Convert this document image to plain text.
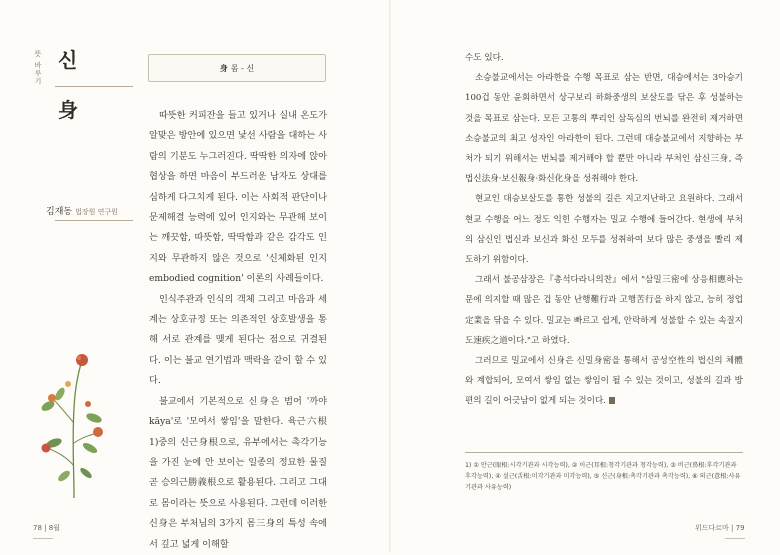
뜻 바루기 신
身
김재동 법장원 연구원
身 몸 - 신

따뜻한 커피잔을 들고 있거나 실내 온도가 알맞은 방안에 있으면 낯선 사람을 대하는 사람의 기분도 누그러진다. 딱딱한 의자에 앉아 협상을 하면 마음이 부드러운 남자도 상대를 심하게 다그치게 된다. 이는 사회적 판단이나 문제해결 능력에 있어 인지와는 무관해 보이는 깨끗함, 따뜻함, 딱딱함과 같은 감각도 인지와 무관하지 않은 것으로 '신체화된 인지embodied cognition' 이론의 사례들이다.

인식주관과 인식의 객체 그리고 마음과 세계는 상호규정 또는 의존적인 상호발생을 통해 서로 관계를 맺게 된다는 점으로 귀결된다. 이는 불교 연기법과 맥락을 같이 할 수 있다.

불교에서 기본적으로 신身은 범어 '까야kāya'로 '모여서 쌓임'을 말한다. 육근六根1)중의 신근身根으로, 유부에서는 촉각기능을 가진 눈에 안 보이는 일종의 정묘한 물질 곧 승의근勝義根으로 활용된다. 그리고 그대로 몸이라는 뜻으로 사용된다. 그런데 이러한 신身은 부처님의 3가지 몸三身의 특성 속에서 깊고 넓게 이해할

78 | 8월

수도 있다.

소승불교에서는 아라한을 수행 목표로 삼는 반면, 대승에서는 3아승기 100겁 동안 윤회하면서 상구보리 하화중생의 보살도를 닦은 후 성불하는 것을 목표로 삼는다. 모든 고통의 뿌리인 삼독심의 번뇌를 완전히 제거하면 소승불교의 최고 성자인 아라한이 된다. 그런데 대승불교에서 지향하는 부처가 되기 위해서는 번뇌를 제거해야 할 뿐만 아니라 부처인 삼신三身, 즉 법신法身·보신報身·화신化身을 성취해야 한다.

현교인 대승보살도를 통한 성불의 길은 지고지난하고 요원하다. 그래서 현교 수행을 어느 정도 익힌 수행자는 밀교 수행에 들어간다. 현생에 부처의 삼신인 법신과 보신과 화신 모두를 성취하여 보다 많은 중생을 빨리 제도하기 위함이다.

그래서 불공삼장은『총석다라니의찬』에서 "삼밀三密에 상응相應하는 문에 의지할 때 많은 겁 동안 난행難行과 고행苦行을 하지 않고, 능히 정업定業을 닦을 수 있다. 밀교는 빠르고 쉽게, 안락하게 성불할 수 있는 속질지도速疾之道이다."고 하였다.

그러므로 밀교에서 신身은 신밀身密을 통해서 공성空性의 법신의 체體와 계합되어, 모여서 쌓임 없는 쌓임이 될 수 있는 것이고, 성불의 길과 방편의 길이 어긋남이 없게 되는 것이다.

1) ① 안근(眼根:시각기관과 시각능력), ② 이근(耳根:청각기관과 청각능력), ③ 비근(鼻根:후각기관과 후각능력), ④ 설근(舌根:미각기관과 미각능력), ⑤ 신근(身根:촉각기관과 촉각능력), ⑥ 의근(意根:사유기관과 사유능력)
위드다르마 | 79
